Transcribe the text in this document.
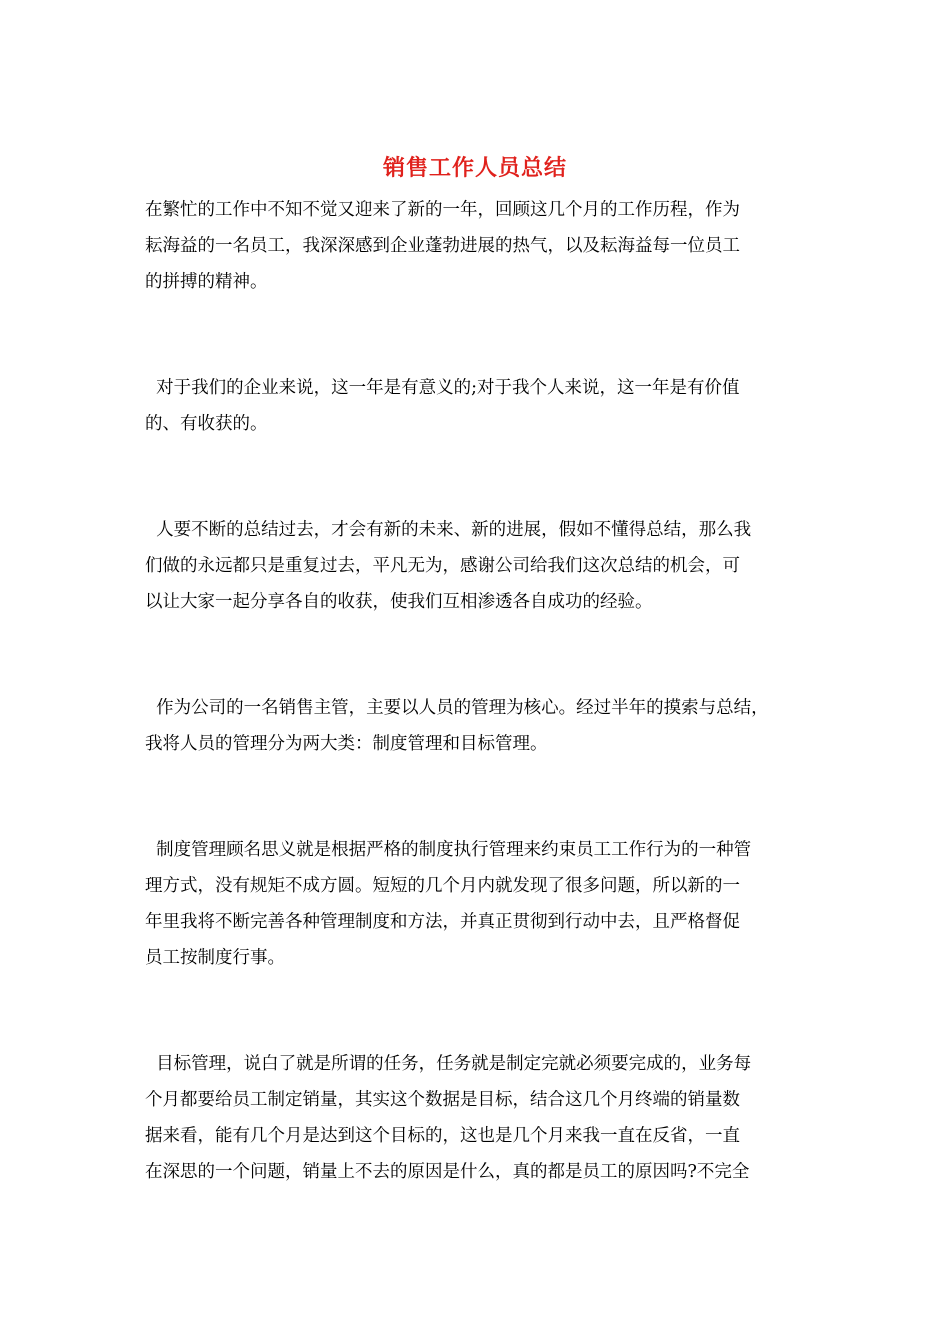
销售工作人员总结

在繁忙的工作中不知不觉又迎来了新的一年，回顾这几个月的工作历程，作为
耘海益的一名员工，我深深感到企业蓬勃进展的热气，以及耘海益每一位员工
的拼搏的精神。

对于我们的企业来说，这一年是有意义的;对于我个人来说，这一年是有价值
的、有收获的。

人要不断的总结过去，才会有新的未来、新的进展，假如不懂得总结，那么我
们做的永远都只是重复过去，平凡无为，感谢公司给我们这次总结的机会，可
以让大家一起分享各自的收获，使我们互相渗透各自成功的经验。

作为公司的一名销售主管，主要以人员的管理为核心。经过半年的摸索与总结，
我将人员的管理分为两大类：制度管理和目标管理。

制度管理顾名思义就是根据严格的制度执行管理来约束员工工作行为的一种管
理方式，没有规矩不成方圆。短短的几个月内就发现了很多问题，所以新的一
年里我将不断完善各种管理制度和方法，并真正贯彻到行动中去，且严格督促
员工按制度行事。

目标管理，说白了就是所谓的任务，任务就是制定完就必须要完成的，业务每
个月都要给员工制定销量，其实这个数据是目标，结合这几个月终端的销量数
据来看，能有几个月是达到这个目标的，这也是几个月来我一直在反省，一直
在深思的一个问题，销量上不去的原因是什么，真的都是员工的原因吗?不完全
